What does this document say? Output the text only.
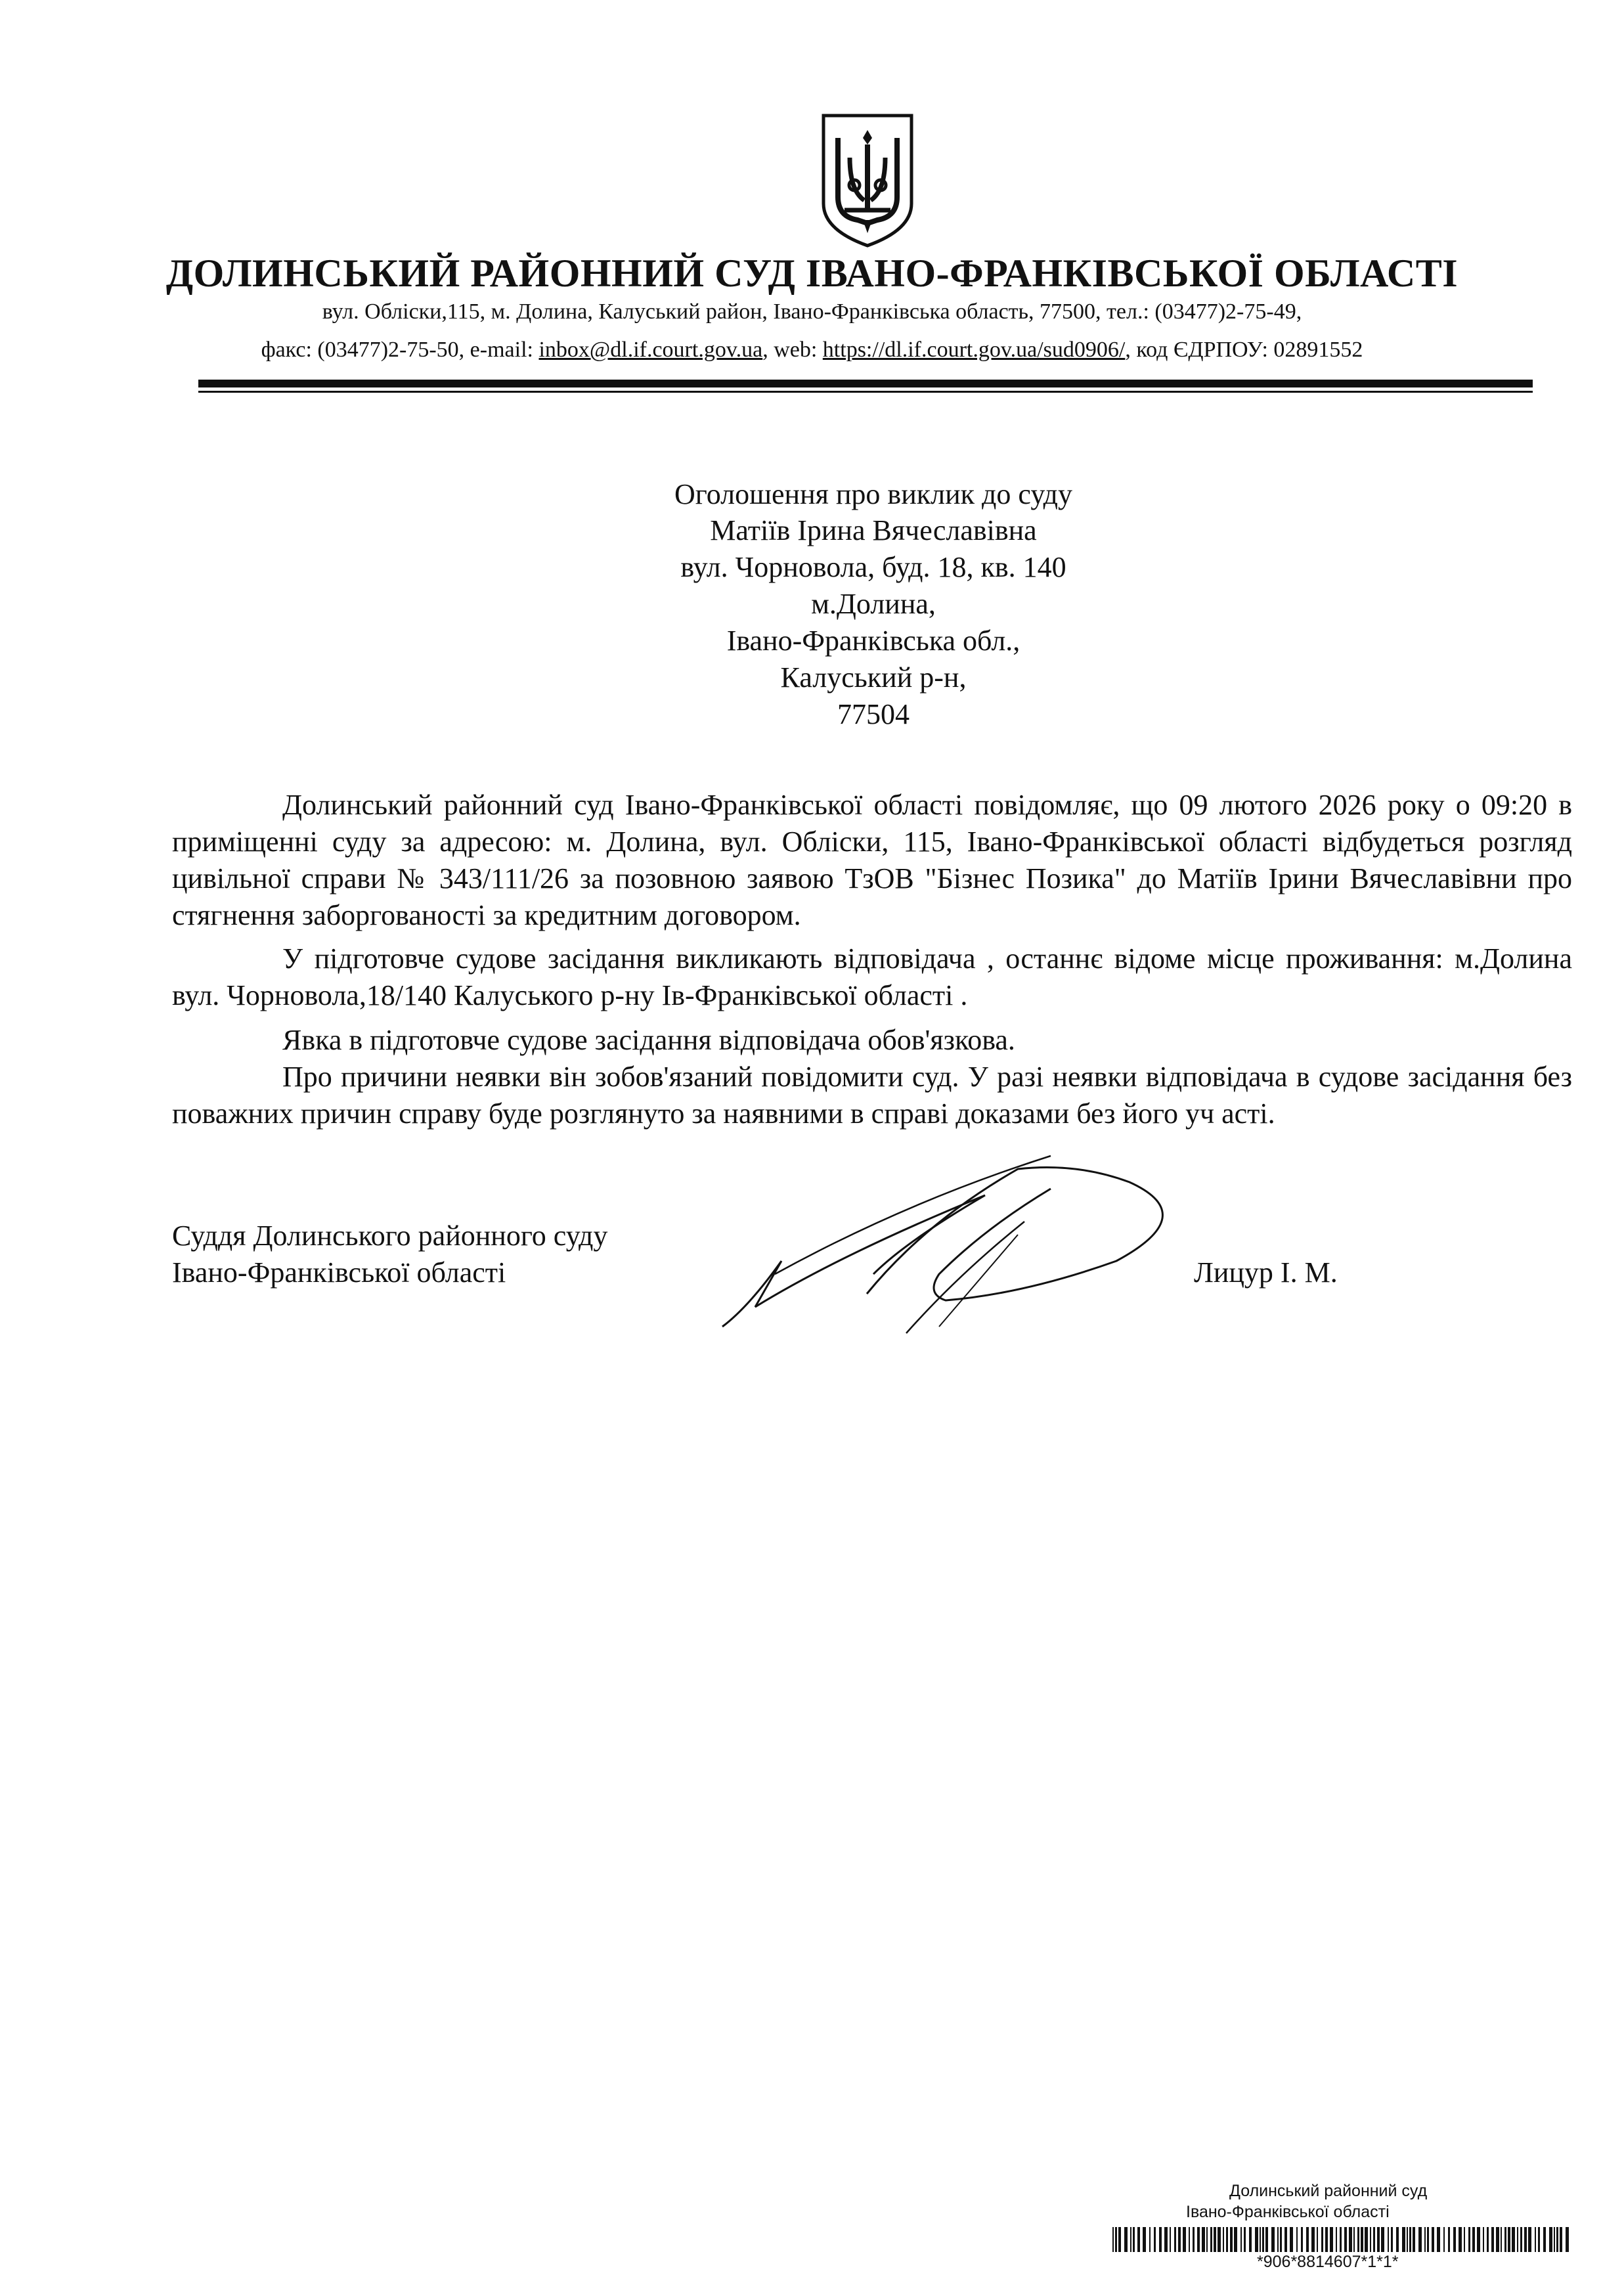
ДОЛИНСЬКИЙ РАЙОННИЙ СУД ІВАНО-ФРАНКІВСЬКОЇ ОБЛАСТІ
вул. Обліски,115, м. Долина, Калуський район, Івано-Франківська область, 77500, тел.: (03477)2-75-49,
факс: (03477)2-75-50, e-mail: inbox@dl.if.court.gov.ua, web: https://dl.if.court.gov.ua/sud0906/, код ЄДРПОУ: 02891552
Оголошення про виклик до суду
Матіїв Ірина Вячеславівна
вул. Чорновола, буд. 18, кв. 140
м.Долина,
Івано-Франківська обл.,
Калуський р-н,
77504
Долинський районний суд Івано-Франківської області повідомляє, що 09 лютого 2026 року о 09:20 в приміщенні суду за адресою: м. Долина, вул. Обліски, 115, Івано-Франківської області відбудеться розгляд цивільної справи № 343/111/26 за позовною заявою ТзОВ "Бізнес Позика" до Матіїв Ірини Вячеславівни про стягнення заборгованості за кредитним договором.
У підготовче судове засідання викликають відповідача , останнє відоме місце проживання: м.Долина вул. Чорновола,18/140 Калуського р-ну Ів-Франківської області .
Явка в підготовче судове засідання відповідача обов'язкова.
Про причини неявки він зобов'язаний повідомити суд. У разі неявки відповідача в судове засідання без поважних причин справу буде розглянуто за наявними в справі доказами без його уч асті.
Суддя Долинського районного суду
Івано-Франківської області	Лицур І. М.
Долинський районний суд
Івано-Франківської області
*906*8814607*1*1*
